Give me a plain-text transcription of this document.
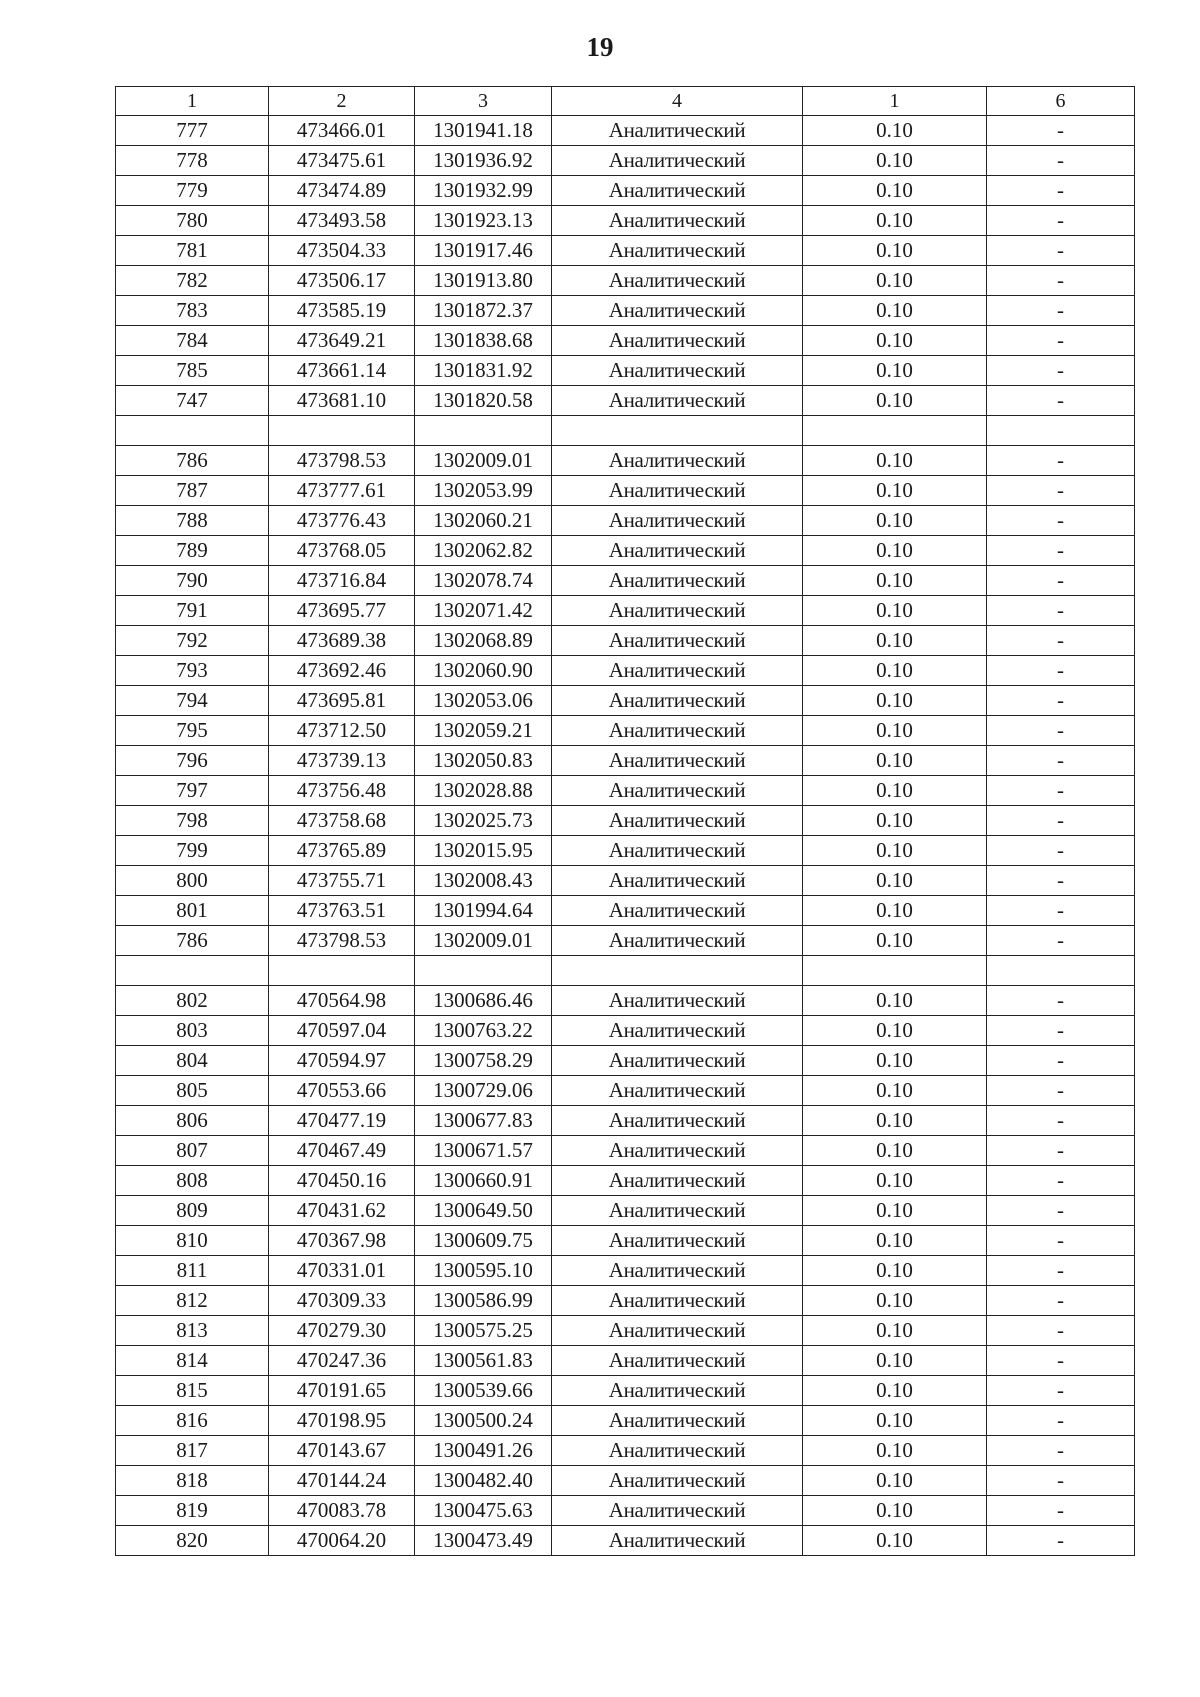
19
1	2	3	4	1	6
777	473466.01	1301941.18	Аналитический	0.10	-
778	473475.61	1301936.92	Аналитический	0.10	-
779	473474.89	1301932.99	Аналитический	0.10	-
780	473493.58	1301923.13	Аналитический	0.10	-
781	473504.33	1301917.46	Аналитический	0.10	-
782	473506.17	1301913.80	Аналитический	0.10	-
783	473585.19	1301872.37	Аналитический	0.10	-
784	473649.21	1301838.68	Аналитический	0.10	-
785	473661.14	1301831.92	Аналитический	0.10	-
747	473681.10	1301820.58	Аналитический	0.10	-

786	473798.53	1302009.01	Аналитический	0.10	-
787	473777.61	1302053.99	Аналитический	0.10	-
788	473776.43	1302060.21	Аналитический	0.10	-
789	473768.05	1302062.82	Аналитический	0.10	-
790	473716.84	1302078.74	Аналитический	0.10	-
791	473695.77	1302071.42	Аналитический	0.10	-
792	473689.38	1302068.89	Аналитический	0.10	-
793	473692.46	1302060.90	Аналитический	0.10	-
794	473695.81	1302053.06	Аналитический	0.10	-
795	473712.50	1302059.21	Аналитический	0.10	-
796	473739.13	1302050.83	Аналитический	0.10	-
797	473756.48	1302028.88	Аналитический	0.10	-
798	473758.68	1302025.73	Аналитический	0.10	-
799	473765.89	1302015.95	Аналитический	0.10	-
800	473755.71	1302008.43	Аналитический	0.10	-
801	473763.51	1301994.64	Аналитический	0.10	-
786	473798.53	1302009.01	Аналитический	0.10	-

802	470564.98	1300686.46	Аналитический	0.10	-
803	470597.04	1300763.22	Аналитический	0.10	-
804	470594.97	1300758.29	Аналитический	0.10	-
805	470553.66	1300729.06	Аналитический	0.10	-
806	470477.19	1300677.83	Аналитический	0.10	-
807	470467.49	1300671.57	Аналитический	0.10	-
808	470450.16	1300660.91	Аналитический	0.10	-
809	470431.62	1300649.50	Аналитический	0.10	-
810	470367.98	1300609.75	Аналитический	0.10	-
811	470331.01	1300595.10	Аналитический	0.10	-
812	470309.33	1300586.99	Аналитический	0.10	-
813	470279.30	1300575.25	Аналитический	0.10	-
814	470247.36	1300561.83	Аналитический	0.10	-
815	470191.65	1300539.66	Аналитический	0.10	-
816	470198.95	1300500.24	Аналитический	0.10	-
817	470143.67	1300491.26	Аналитический	0.10	-
818	470144.24	1300482.40	Аналитический	0.10	-
819	470083.78	1300475.63	Аналитический	0.10	-
820	470064.20	1300473.49	Аналитический	0.10	-
